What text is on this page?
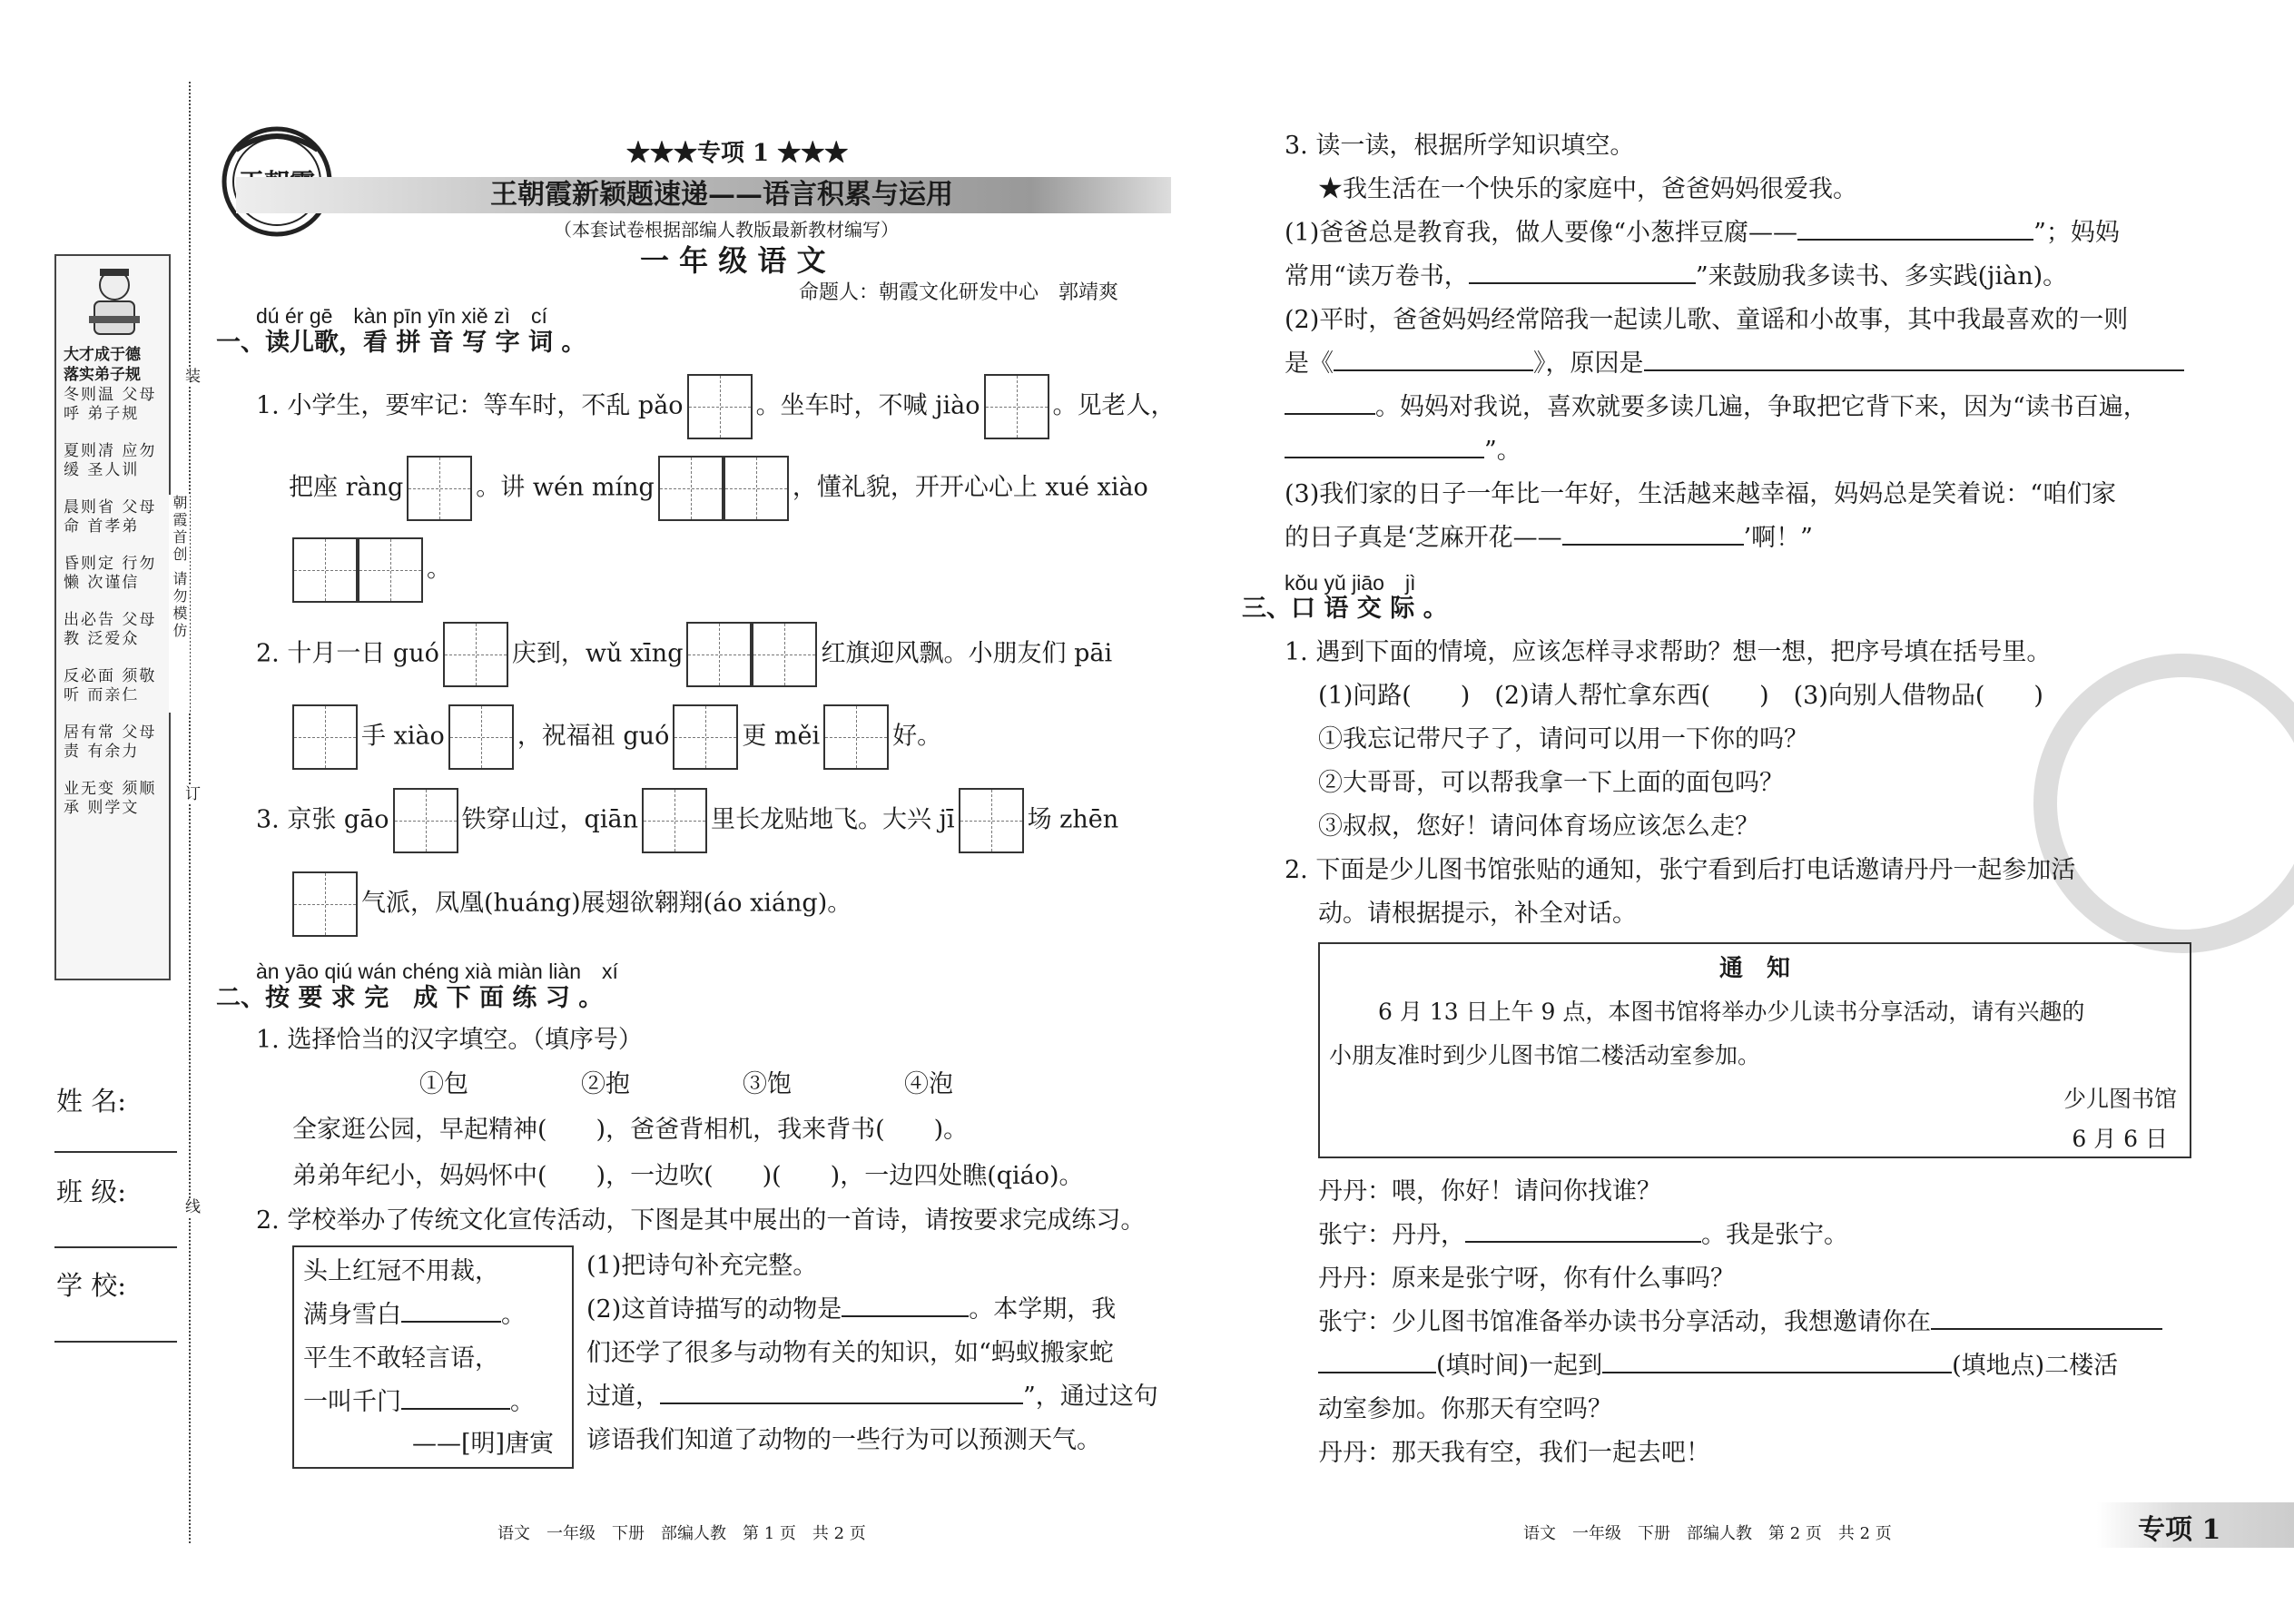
大才成于德
落实弟子规
冬则温 父母呼 弟子规
夏则凊 应勿缓 圣人训
晨则省 父母命 首孝弟
昏则定 行勿懒 次谨信
出必告 父母教 泛爱众
反必面 须敬听 而亲仁
居有常 父母责 有余力
业无变 须顺承 则学文
装
订
线
朝霞首创 请勿模仿
姓 名:
班 级:
学 校:
★★★专项 1 ★★★
王朝霞 新颖题速递——语言积累与运用
（本套试卷根据部编人教版最新教材编写）
一 年 级 语 文
命题人：朝霞文化研发中心　郭靖爽
dú ér gē　kàn pīn yīn xiě zì　cí
一、读儿歌，看 拼 音 写 字 词 。
1. 小学生，要牢记：等车时，不乱 pǎo	。坐车时，不喊 jiào	。见老人，
把座 ràng	。讲 wén míng	，懂礼貌，开开心心上 xué xiào
。
2. 十月一日 guó	庆到，wǔ xīng	红旗迎风飘。小朋友们 pāi
手 xiào	，祝福祖 guó	更 měi	好。
3. 京张 gāo	铁穿山过，qiān	里长龙贴地飞。大兴 jī	场 zhēn
气派，凤凰(huáng)展翅欲翱翔(áo xiáng)。
àn yāo qiú wán chéng xià miàn liàn　xí
二、按 要 求 完　成 下 面 练 习 。
1. 选择恰当的汉字填空。（填序号）
①包	②抱	③饱	④泡
全家逛公园，早起精神(　　)，爸爸背相机，我来背书(　　)。
弟弟年纪小，妈妈怀中(　　)，一边吹(　　)(　　)，一边四处瞧(qiáo)。
2. 学校举办了传统文化宣传活动，下图是其中展出的一首诗，请按要求完成练习。
头上红冠不用裁，
满身雪白	。
平生不敢轻言语，
一叫千门	。
——[明]唐寅
(1)把诗句补充完整。
(2)这首诗描写的动物是	。本学期，我
们还学了很多与动物有关的知识，如“蚂蚁搬家蛇
过道，	”，通过这句
谚语我们知道了动物的一些行为可以预测天气。
语文　一年级　下册　部编人教　第 1 页　共 2 页
3. 读一读，根据所学知识填空。
★我生活在一个快乐的家庭中，爸爸妈妈很爱我。
(1)爸爸总是教育我，做人要像“小葱拌豆腐——	”；妈妈
常用“读万卷书，	”来鼓励我多读书、多实践(jiàn)。
(2)平时，爸爸妈妈经常陪我一起读儿歌、童谣和小故事，其中我最喜欢的一则
是《	》，原因是
。妈妈对我说，喜欢就要多读几遍，争取把它背下来，因为“读书百遍，
”。
(3)我们家的日子一年比一年好，生活越来越幸福，妈妈总是笑着说：“咱们家
的日子真是‘芝麻开花——	’啊！”
kǒu yǔ jiāo　jì
三、口 语 交 际 。
1. 遇到下面的情境，应该怎样寻求帮助？想一想，把序号填在括号里。
(1)问路(　　)　(2)请人帮忙拿东西(　　)　(3)向别人借物品(　　)
①我忘记带尺子了，请问可以用一下你的吗？
②大哥哥，可以帮我拿一下上面的面包吗？
③叔叔，您好！请问体育场应该怎么走？
2. 下面是少儿图书馆张贴的通知，张宁看到后打电话邀请丹丹一起参加活
动。请根据提示，补全对话。
通　知
6 月 13 日上午 9 点，本图书馆将举办少儿读书分享活动，请有兴趣的
小朋友准时到少儿图书馆二楼活动室参加。
少儿图书馆
6 月 6 日
丹丹：喂，你好！请问你找谁？
张宁：丹丹，	。我是张宁。
丹丹：原来是张宁呀，你有什么事吗？
张宁：少儿图书馆准备举办读书分享活动，我想邀请你在
(填时间)一起到	(填地点)二楼活
动室参加。你那天有空吗？
丹丹：那天我有空，我们一起去吧！
语文　一年级　下册　部编人教　第 2 页　共 2 页	专项 1
